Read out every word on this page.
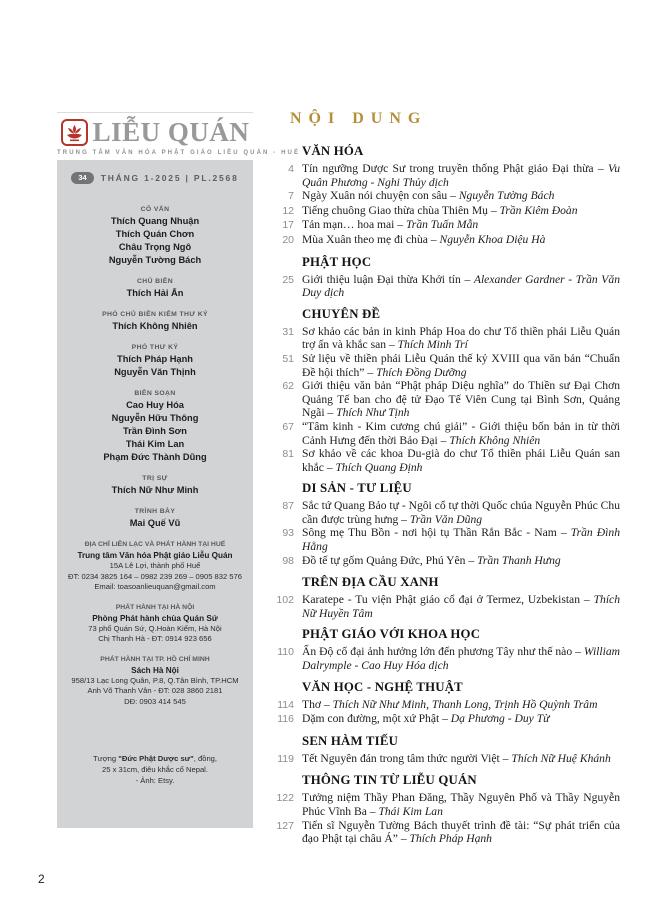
LIỄU QUÁN
TRUNG TÂM VĂN HÓA PHẬT GIÁO LIỄU QUÁN - HUẾ
34	THÁNG 1-2025 | PL.2568
CỐ VẤN
Thích Quang Nhuận
Thích Quán Chơn
Châu Trọng Ngô
Nguyễn Tường Bách
CHỦ BIÊN
Thích Hải Ấn
PHÓ CHỦ BIÊN KIÊM THƯ KÝ
Thích Không Nhiên
PHÓ THƯ KÝ
Thích Pháp Hạnh
Nguyễn Văn Thịnh
BIÊN SOẠN
Cao Huy Hóa
Nguyễn Hữu Thông
Trần Đình Sơn
Thái Kim Lan
Phạm Đức Thành Dũng
TRỊ SỰ
Thích Nữ Như Minh
TRÌNH BÀY
Mai Quế Vũ
ĐỊA CHỈ LIÊN LẠC VÀ PHÁT HÀNH TẠI HUẾ
Trung tâm Văn hóa Phật giáo Liễu Quán
15A Lê Lợi, thành phố Huế
ĐT: 0234 3825 164 – 0982 239 269 – 0905 832 576
Email: toasoanlieuquan@gmail.com
PHÁT HÀNH TẠI HÀ NỘI
Phòng Phát hành chùa Quán Sứ
73 phố Quán Sứ, Q.Hoàn Kiếm, Hà Nội
Chị Thanh Hà - ĐT: 0914 923 656
PHÁT HÀNH TẠI TP. HỒ CHÍ MINH
Sách Hà Nội
958/13 Lạc Long Quân, P.8, Q.Tân Bình, TP.HCM
Anh Võ Thanh Vân - ĐT: 028 3860 2181
DĐ: 0903 414 545
Tượng "Đức Phật Dược sư", đồng,
25 x 31cm, điêu khắc cổ Nepal.
- Ảnh: Etsy.
NỘI DUNG
VĂN HÓA
4 Tín ngưỡng Dược Sư trong truyền thống Phật giáo Đại thừa – Vu Quân Phương - Nghi Thủy dịch
7 Ngày Xuân nói chuyện con sâu – Nguyễn Tường Bách
12 Tiếng chuông Giao thừa chùa Thiên Mụ – Trần Kiêm Đoàn
17 Tản mạn… hoa mai – Trần Tuấn Mẫn
20 Mùa Xuân theo mẹ đi chùa – Nguyễn Khoa Diệu Hà
PHẬT HỌC
25 Giới thiệu luận Đại thừa Khởi tín – Alexander Gardner - Trần Văn Duy dịch
CHUYÊN ĐỀ
31 Sơ khảo các bản in kinh Pháp Hoa do chư Tổ thiền phái Liễu Quán trợ ấn và khắc san – Thích Minh Trí
51 Sử liệu về thiền phái Liễu Quán thế kỷ XVIII qua văn bản “Chuẩn Đề hội thích” – Thích Đồng Dưỡng
62 Giới thiệu văn bản “Phật pháp Diệu nghĩa” do Thiền sư Đại Chơn Quảng Tế ban cho đệ tử Đạo Tế Viên Cung tại Bình Sơn, Quảng Ngãi – Thích Như Tịnh
67 “Tâm kinh - Kim cương chú giải” - Giới thiệu bốn bản in từ thời Cảnh Hưng đến thời Bảo Đại – Thích Không Nhiên
81 Sơ khảo về các khoa Du-già do chư Tổ thiền phái Liễu Quán san khắc – Thích Quang Định
DI SẢN - TƯ LIỆU
87 Sắc tứ Quang Bảo tự - Ngôi cổ tự thời Quốc chúa Nguyễn Phúc Chu cần được trùng hưng – Trần Văn Dũng
93 Sông mẹ Thu Bồn - nơi hội tụ Thần Rắn Bắc - Nam – Trần Đình Hằng
98 Đồ tế tự gốm Quảng Đức, Phú Yên – Trần Thanh Hưng
TRÊN ĐỊA CẦU XANH
102 Karatepe - Tu viện Phật giáo cổ đại ở Termez, Uzbekistan – Thích Nữ Huyền Tâm
PHẬT GIÁO VỚI KHOA HỌC
110 Ấn Độ cổ đại ảnh hưởng lớn đến phương Tây như thế nào – William Dalrymple - Cao Huy Hóa dịch
VĂN HỌC - NGHỆ THUẬT
114 Thơ – Thích Nữ Như Minh, Thanh Long, Trịnh Hồ Quỳnh Trâm
116 Dặm con đường, một xứ Phật – Dạ Phương - Duy Từ
SEN HÀM TIẾU
119 Tết Nguyên đán trong tâm thức người Việt – Thích Nữ Huệ Khánh
THÔNG TIN TỪ LIỄU QUÁN
122 Tưởng niệm Thầy Phan Đăng, Thầy Nguyên Phố và Thầy Nguyễn Phúc Vĩnh Ba – Thái Kim Lan
127 Tiến sĩ Nguyễn Tường Bách thuyết trình đề tài: “Sự phát triển của đạo Phật tại châu Á” – Thích Pháp Hạnh
2
